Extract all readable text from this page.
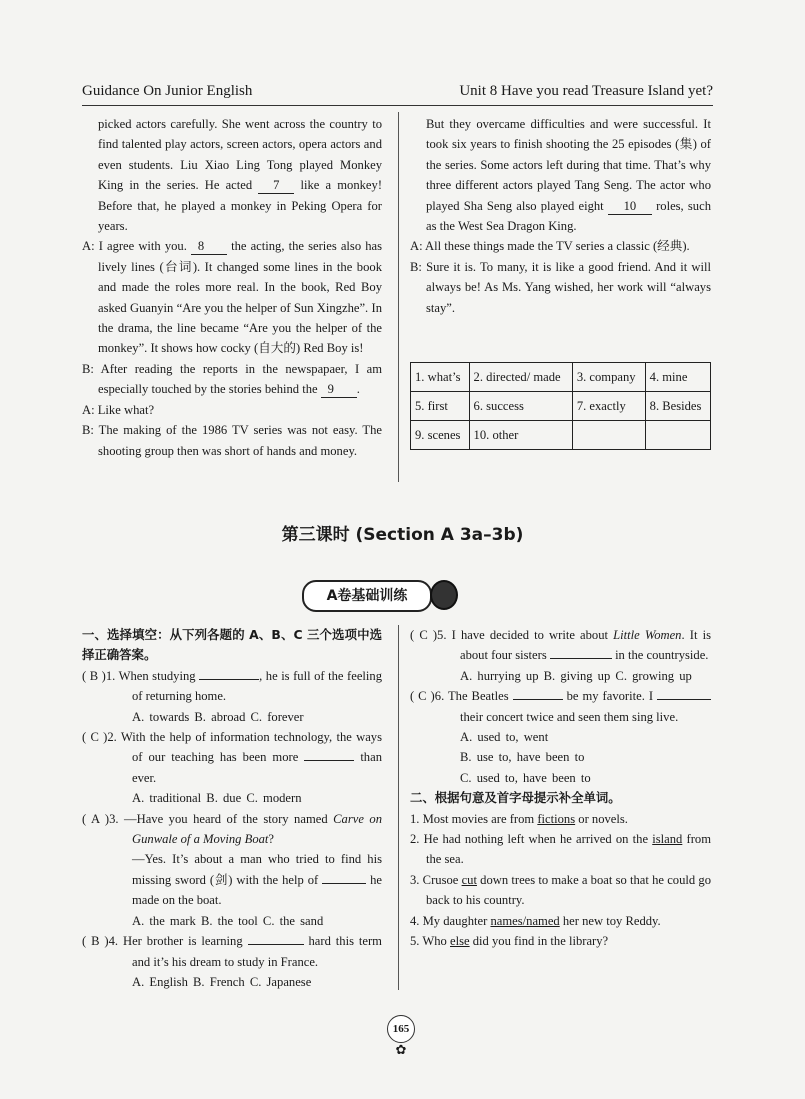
Guidance On Junior English	Unit 8 Have you read Treasure Island yet?

picked actors carefully. She went across the country to find talented play actors, screen actors, opera actors and even students. Liu Xiao Ling Tong played Monkey King in the series. He acted 7 like a monkey! Before that, he played a monkey in Peking Opera for years.

A: I agree with you. 8 the acting, the series also has lively lines (台词). It changed some lines in the book and made the roles more real. In the book, Red Boy asked Guanyin “Are you the helper of Sun Xingzhe”. In the drama, the line became “Are you the helper of the monkey”. It shows how cocky (自大的) Red Boy is!

B: After reading the reports in the newspapaer, I am especially touched by the stories behind the 9 .

A: Like what?

B: The making of the 1986 TV series was not easy. The shooting group then was short of hands and money.

But they overcame difficulties and were successful. It took six years to finish shooting the 25 episodes (集) of the series. Some actors left during that time. That’s why three different actors played Tang Seng. The actor who played Sha Seng also played eight 10 roles, such as the West Sea Dragon King.

A: All these things made the TV series a classic (经典).

B: Sure it is. To many, it is like a good friend. And it will always be! As Ms. Yang wished, her work will “always stay”.

1. what’s	2. directed/ made	3. company	4. mine
5. first	6. success	7. exactly	8. Besides
9. scenes	10. other		
第三课时 (Section A 3a–3b)
A卷基础训练

一、选择填空：从下列各题的 A、B、C 三个选项中选择正确答案。

( B )1. When studying	, he is full of the feeling of returning home.

A. towards B. abroad C. forever

( C )2. With the help of information technology, the ways of our teaching has been more	than ever.

A. traditional B. due C. modern

( A )3. —Have you heard of the story named Carve on Gunwale of a Moving Boat?

—Yes. It’s about a man who tried to find his missing sword (剑) with the help of	he made on the boat.

A. the mark B. the tool C. the sand

( B )4. Her brother is learning	hard this term and it’s his dream to study in France.

A. English B. French C. Japanese

( C )5. I have decided to write about Little Women. It is about four sisters	in the countryside.

A. hurrying up B. giving up C. growing up

( C )6. The Beatles	be my favorite. I  their concert twice and seen them sing live.

A. used to, went

B. use to, have been to

C. used to, have been to

二、根据句意及首字母提示补全单词。

1. Most movies are from fictions or novels.

2. He had nothing left when he arrived on the island from the sea.

3. Crusoe cut down trees to make a boat so that he could go back to his country.

4. My daughter names/named her new toy Reddy.

5. Who else did you find in the library?

165
✿
